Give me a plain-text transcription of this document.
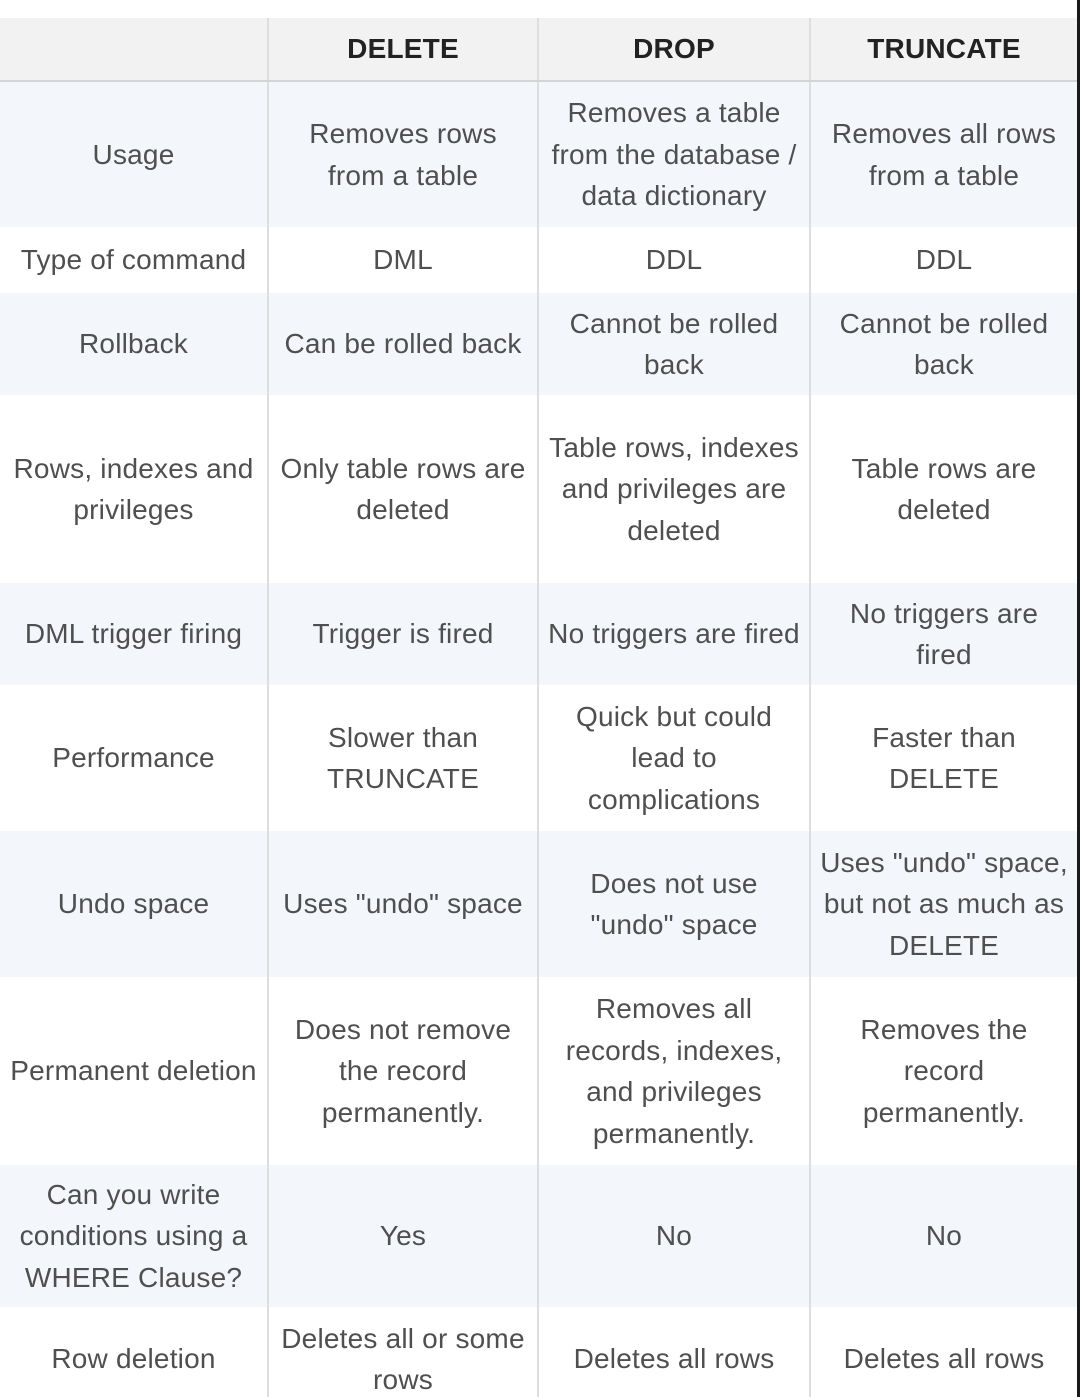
	DELETE	DROP	TRUNCATE
Usage	Removes rows from a table	Removes a table from the database / data dictionary	Removes all rows from a table
Type of command	DML	DDL	DDL
Rollback	Can be rolled back	Cannot be rolled back	Cannot be rolled back
Rows, indexes and privileges	Only table rows are deleted	Table rows, indexes and privileges are deleted	Table rows are deleted
DML trigger firing	Trigger is fired	No triggers are fired	No triggers are fired
Performance	Slower than TRUNCATE	Quick but could lead to complications	Faster than DELETE
Undo space	Uses "undo" space	Does not use "undo" space	Uses "undo" space, but not as much as DELETE
Permanent deletion	Does not remove the record permanently.	Removes all records, indexes, and privileges permanently.	Removes the record permanently.
Can you write conditions using a WHERE Clause?	Yes	No	No
Row deletion	Deletes all or some rows	Deletes all rows	Deletes all rows
